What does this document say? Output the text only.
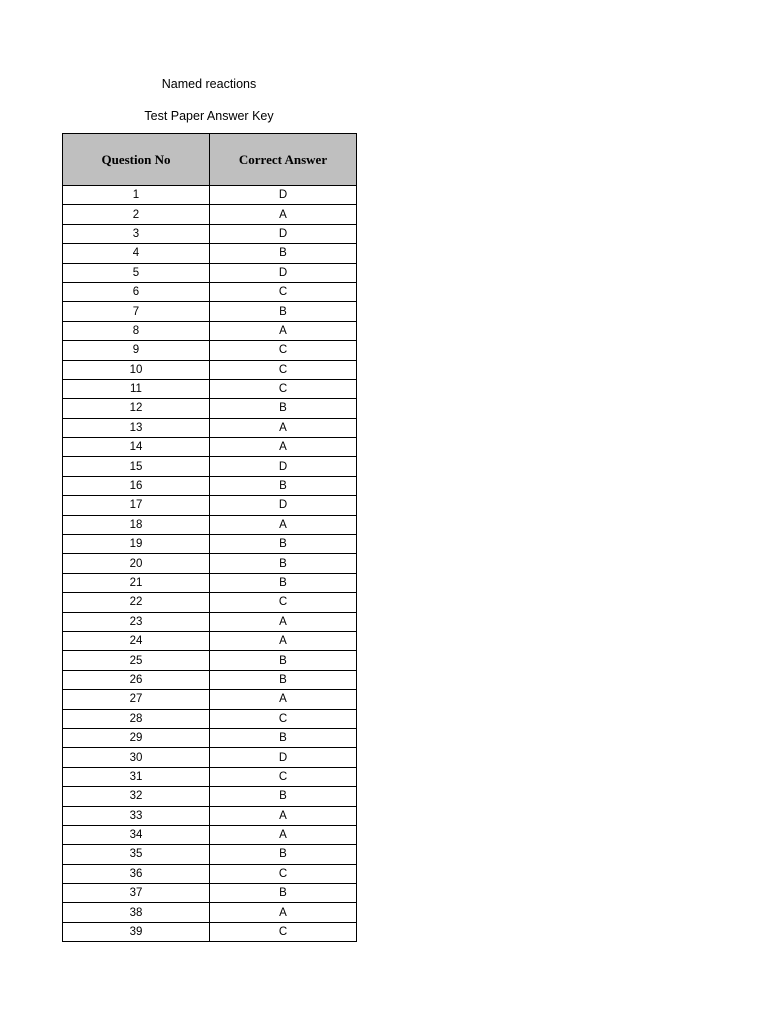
Named reactions
Test Paper Answer Key
Question No	Correct Answer
1	D
2	A
3	D
4	B
5	D
6	C
7	B
8	A
9	C
10	C
11	C
12	B
13	A
14	A
15	D
16	B
17	D
18	A
19	B
20	B
21	B
22	C
23	A
24	A
25	B
26	B
27	A
28	C
29	B
30	D
31	C
32	B
33	A
34	A
35	B
36	C
37	B
38	A
39	C
